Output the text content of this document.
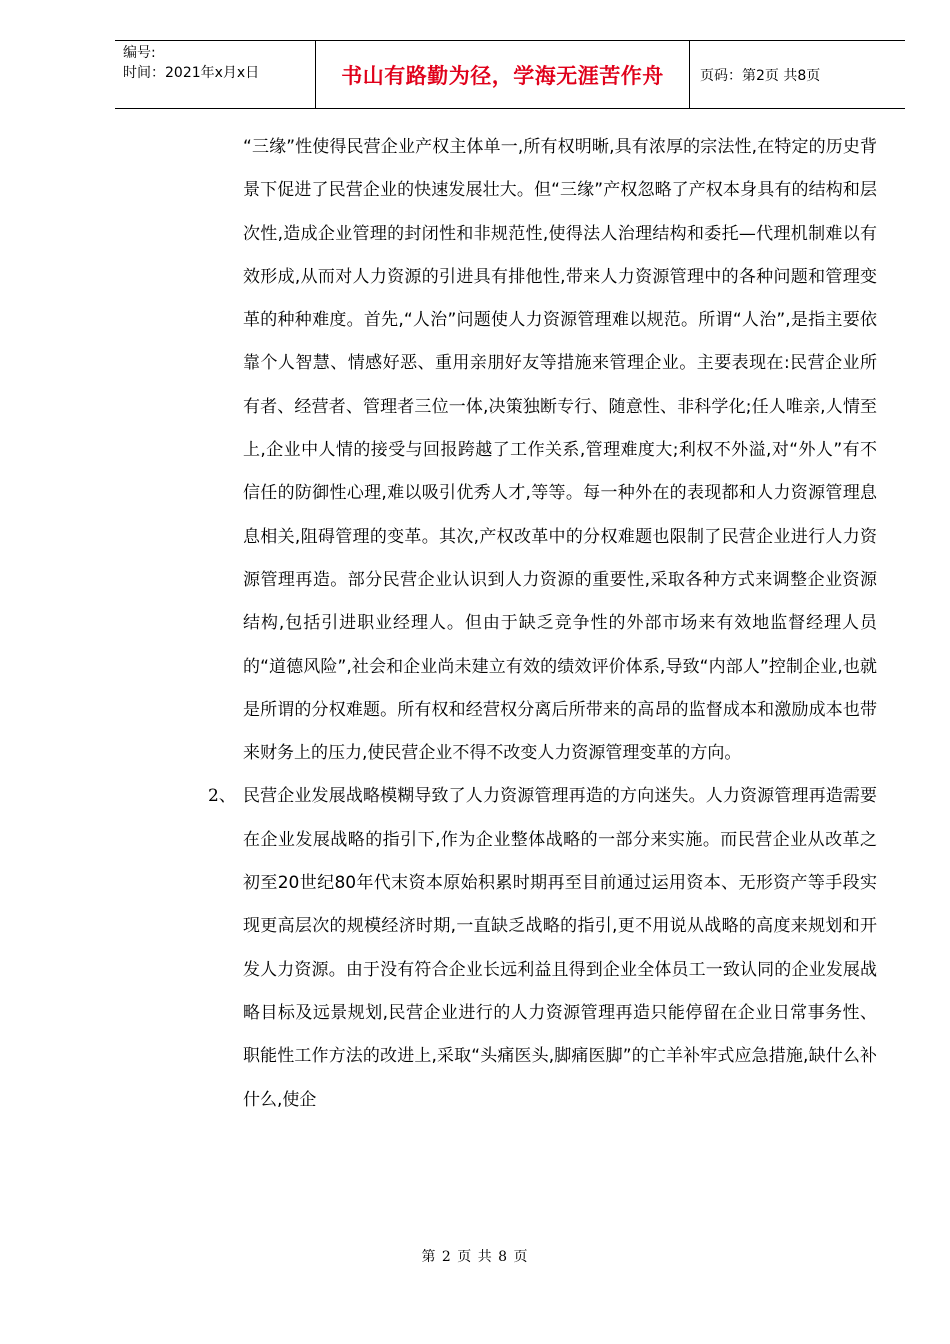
编号:
时间：2021年x月x日	书山有路勤为径，学海无涯苦作舟	页码：第2页 共8页

“三缘”性使得民营企业产权主体单一,所有权明晰,具有浓厚的宗法性,在特定的历史背景下促进了民营企业的快速发展壮大。但“三缘”产权忽略了产权本身具有的结构和层次性,造成企业管理的封闭性和非规范性,使得法人治理结构和委托—代理机制难以有效形成,从而对人力资源的引进具有排他性,带来人力资源管理中的各种问题和管理变革的种种难度。首先,“人治”问题使人力资源管理难以规范。所谓“人治”,是指主要依靠个人智慧、情感好恶、重用亲朋好友等措施来管理企业。主要表现在:民营企业所有者、经营者、管理者三位一体,决策独断专行、随意性、非科学化;任人唯亲,人情至上,企业中人情的接受与回报跨越了工作关系,管理难度大;利权不外溢,对“外人”有不信任的防御性心理,难以吸引优秀人才,等等。每一种外在的表现都和人力资源管理息息相关,阻碍管理的变革。其次,产权改革中的分权难题也限制了民营企业进行人力资源管理再造。部分民营企业认识到人力资源的重要性,采取各种方式来调整企业资源结构,包括引进职业经理人。但由于缺乏竞争性的外部市场来有效地监督经理人员的“道德风险”,社会和企业尚未建立有效的绩效评价体系,导致“内部人”控制企业,也就是所谓的分权难题。所有权和经营权分离后所带来的高昂的监督成本和激励成本也带来财务上的压力,使民营企业不得不改变人力资源管理变革的方向。

2、 民营企业发展战略模糊导致了人力资源管理再造的方向迷失。人力资源管理再造需要在企业发展战略的指引下,作为企业整体战略的一部分来实施。而民营企业从改革之初至20世纪80年代末资本原始积累时期再至目前通过运用资本、无形资产等手段实现更高层次的规模经济时期,一直缺乏战略的指引,更不用说从战略的高度来规划和开发人力资源。由于没有符合企业长远利益且得到企业全体员工一致认同的企业发展战略目标及远景规划,民营企业进行的人力资源管理再造只能停留在企业日常事务性、职能性工作方法的改进上,采取“头痛医头,脚痛医脚”的亡羊补牢式应急措施,缺什么补什么,使企

第 2 页 共 8 页
